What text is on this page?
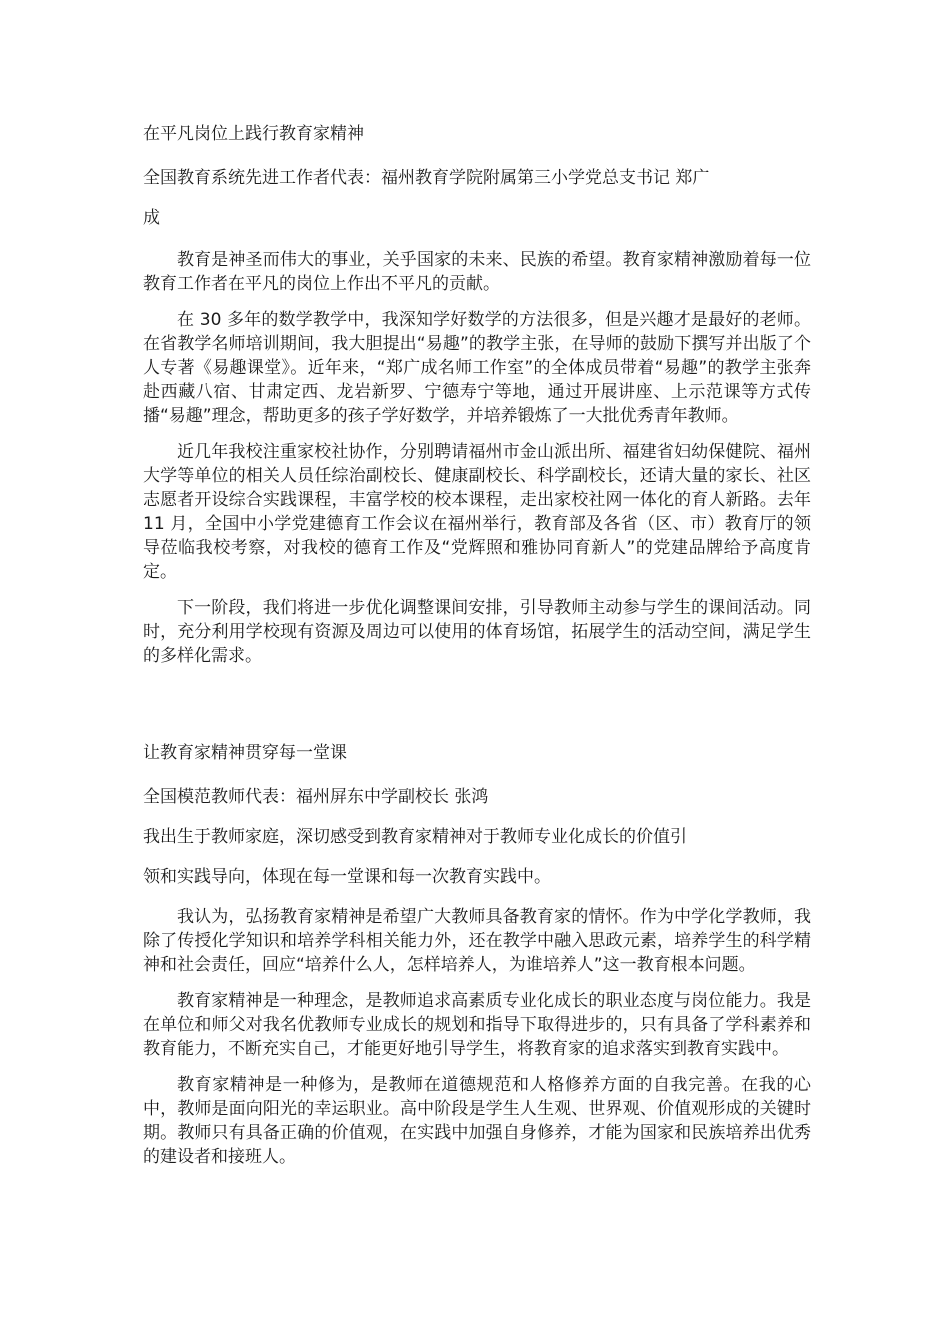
在平凡岗位上践行教育家精神
全国教育系统先进工作者代表：福州教育学院附属第三小学党总支书记 郑广
成

教育是神圣而伟大的事业，关乎国家的未来、民族的希望。教育家精神激励着每一位教育工作者在平凡的岗位上作出不平凡的贡献。

在 30 多年的数学教学中，我深知学好数学的方法很多，但是兴趣才是最好的老师。在省教学名师培训期间，我大胆提出“易趣”的教学主张，在导师的鼓励下撰写并出版了个人专著《易趣课堂》。近年来，“郑广成名师工作室”的全体成员带着“易趣”的教学主张奔赴西藏八宿、甘肃定西、龙岩新罗、宁德寿宁等地，通过开展讲座、上示范课等方式传播“易趣”理念，帮助更多的孩子学好数学，并培养锻炼了一大批优秀青年教师。

近几年我校注重家校社协作，分别聘请福州市金山派出所、福建省妇幼保健院、福州大学等单位的相关人员任综治副校长、健康副校长、科学副校长，还请大量的家长、社区志愿者开设综合实践课程，丰富学校的校本课程，走出家校社网一体化的育人新路。去年 11 月，全国中小学党建德育工作会议在福州举行，教育部及各省（区、市）教育厅的领导莅临我校考察，对我校的德育工作及“党辉照和雅协同育新人”的党建品牌给予高度肯定。

下一阶段，我们将进一步优化调整课间安排，引导教师主动参与学生的课间活动。同时，充分利用学校现有资源及周边可以使用的体育场馆，拓展学生的活动空间，满足学生的多样化需求。

让教育家精神贯穿每一堂课
全国模范教师代表：福州屏东中学副校长 张鸿
我出生于教师家庭，深切感受到教育家精神对于教师专业化成长的价值引
领和实践导向，体现在每一堂课和每一次教育实践中。

我认为，弘扬教育家精神是希望广大教师具备教育家的情怀。作为中学化学教师，我除了传授化学知识和培养学科相关能力外，还在教学中融入思政元素，培养学生的科学精神和社会责任，回应“培养什么人，怎样培养人，为谁培养人”这一教育根本问题。

教育家精神是一种理念，是教师追求高素质专业化成长的职业态度与岗位能力。我是在单位和师父对我名优教师专业成长的规划和指导下取得进步的，只有具备了学科素养和教育能力，不断充实自己，才能更好地引导学生，将教育家的追求落实到教育实践中。

教育家精神是一种修为，是教师在道德规范和人格修养方面的自我完善。在我的心中，教师是面向阳光的幸运职业。高中阶段是学生人生观、世界观、价值观形成的关键时期。教师只有具备正确的价值观，在实践中加强自身修养，才能为国家和民族培养出优秀的建设者和接班人。
